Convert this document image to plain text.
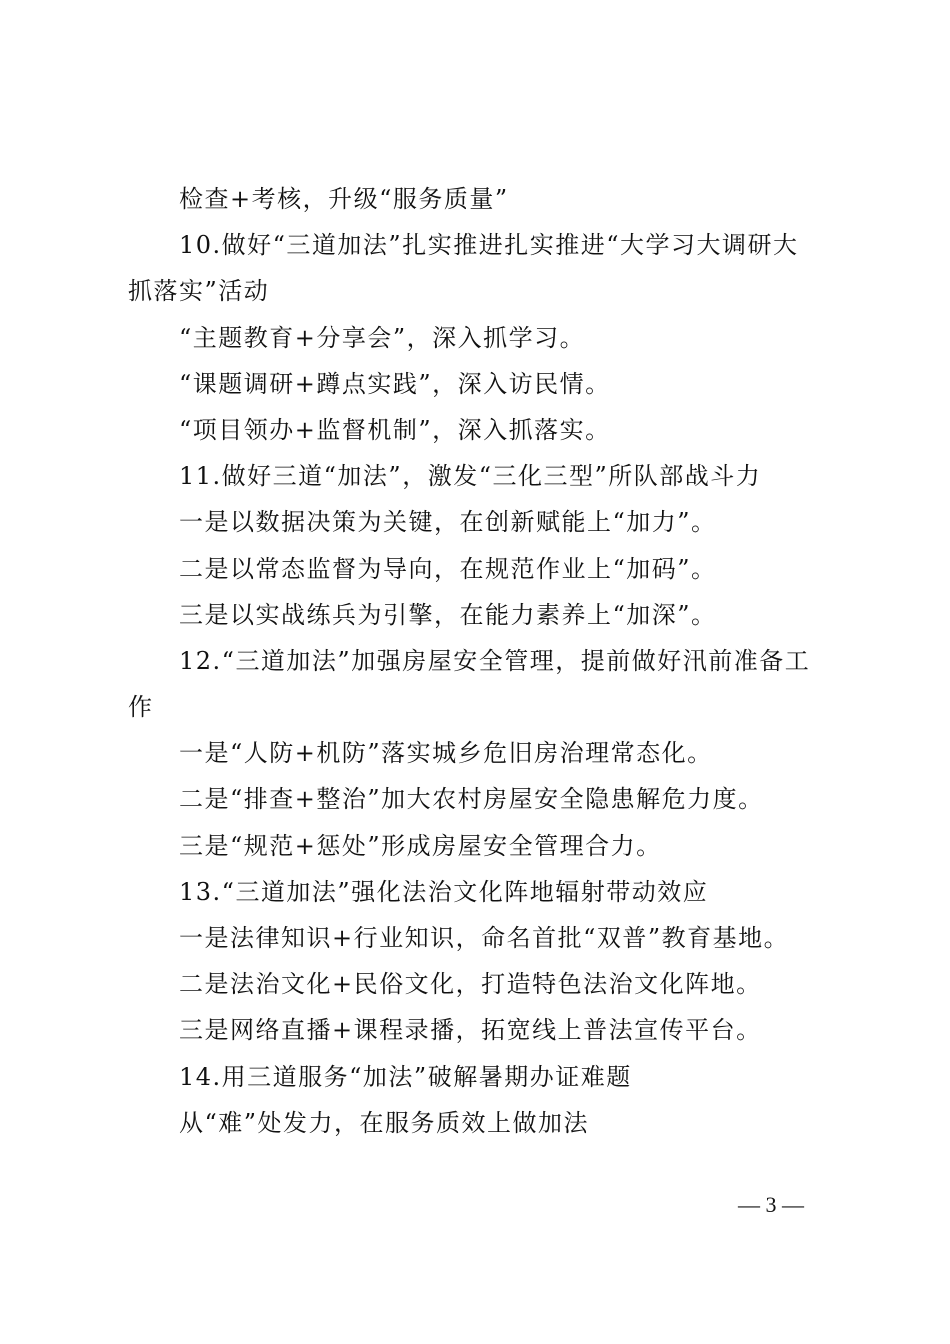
检查+考核，升级“服务质量”
10.做好“三道加法”扎实推进扎实推进“大学习大调研大
抓落实”活动
“主题教育+分享会”，深入抓学习。
“课题调研+蹲点实践”，深入访民情。
“项目领办+监督机制”，深入抓落实。
11.做好三道“加法”，激发“三化三型”所队部战斗力
一是以数据决策为关键，在创新赋能上“加力”。
二是以常态监督为导向，在规范作业上“加码”。
三是以实战练兵为引擎，在能力素养上“加深”。
12.“三道加法”加强房屋安全管理，提前做好汛前准备工
作
一是“人防+机防”落实城乡危旧房治理常态化。
二是“排查+整治”加大农村房屋安全隐患解危力度。
三是“规范+惩处”形成房屋安全管理合力。
13.“三道加法”强化法治文化阵地辐射带动效应
一是法律知识+行业知识，命名首批“双普”教育基地。
二是法治文化+民俗文化，打造特色法治文化阵地。
三是网络直播+课程录播，拓宽线上普法宣传平台。
14.用三道服务“加法”破解暑期办证难题
从“难”处发力，在服务质效上做加法
— 3 —
